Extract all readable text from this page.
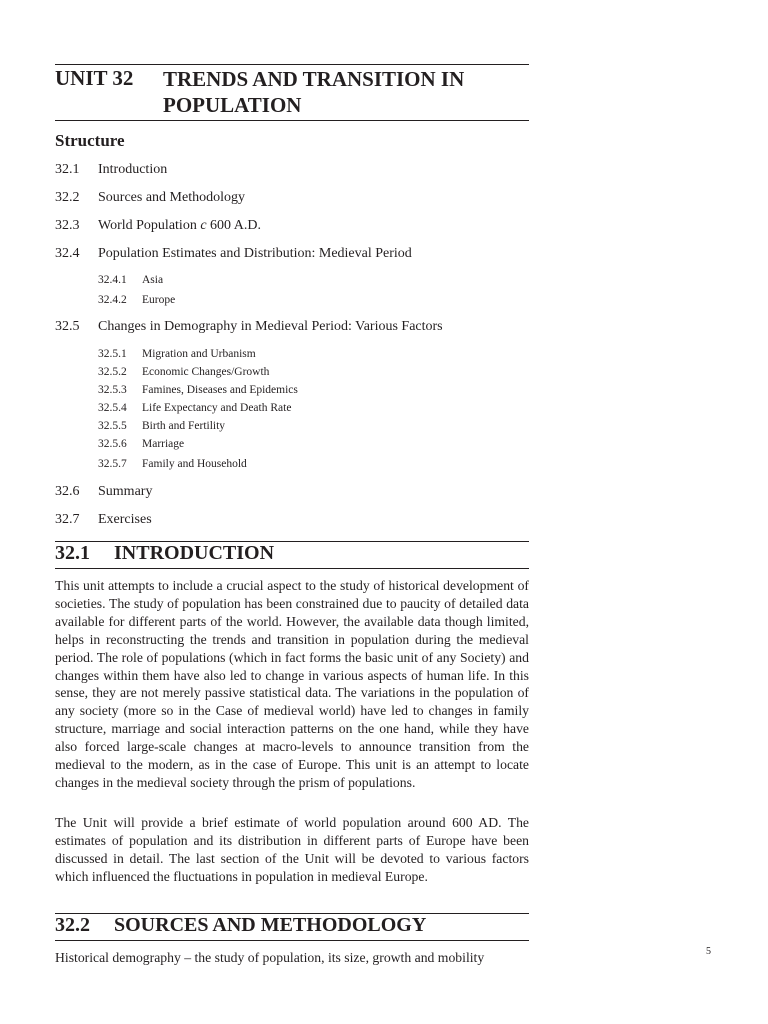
UNIT 32 TRENDS AND TRANSITION IN
POPULATION
Structure
32.1 Introduction
32.2 Sources and Methodology
32.3 World Population c 600 A.D.
32.4 Population Estimates and Distribution: Medieval Period
32.4.1 Asia
32.4.2 Europe
32.5 Changes in Demography in Medieval Period: Various Factors
32.5.1 Migration and Urbanism
32.5.2 Economic Changes/Growth
32.5.3 Famines, Diseases and Epidemics
32.5.4 Life Expectancy and Death Rate
32.5.5 Birth and Fertility
32.5.6 Marriage
32.5.7 Family and Household
32.6 Summary
32.7 Exercises
32.1 INTRODUCTION

This unit attempts to include a crucial aspect to the study of historical development of societies. The study of population has been constrained due to paucity of detailed data available for different parts of the world. However, the available data though limited, helps in reconstructing the trends and transition in population during the medieval period. The role of populations (which in fact forms the basic unit of any Society) and changes within them have also led to change in various aspects of human life. In this sense, they are not merely passive statistical data. The variations in the population of any society (more so in the Case of medieval world) have led to changes in family structure, marriage and social interaction patterns on the one hand, while they have also forced large-scale changes at macro-levels to announce transition from the medieval to the modern, as in the case of Europe. This unit is an attempt to locate changes in the medieval society through the prism of populations.

The Unit will provide a brief estimate of world population around 600 AD. The estimates of population and its distribution in different parts of Europe have been discussed in detail. The last section of the Unit will be devoted to various factors which influenced the fluctuations in population in medieval Europe.

32.2 SOURCES AND METHODOLOGY
Historical demography – the study of population, its size, growth and mobility	5
